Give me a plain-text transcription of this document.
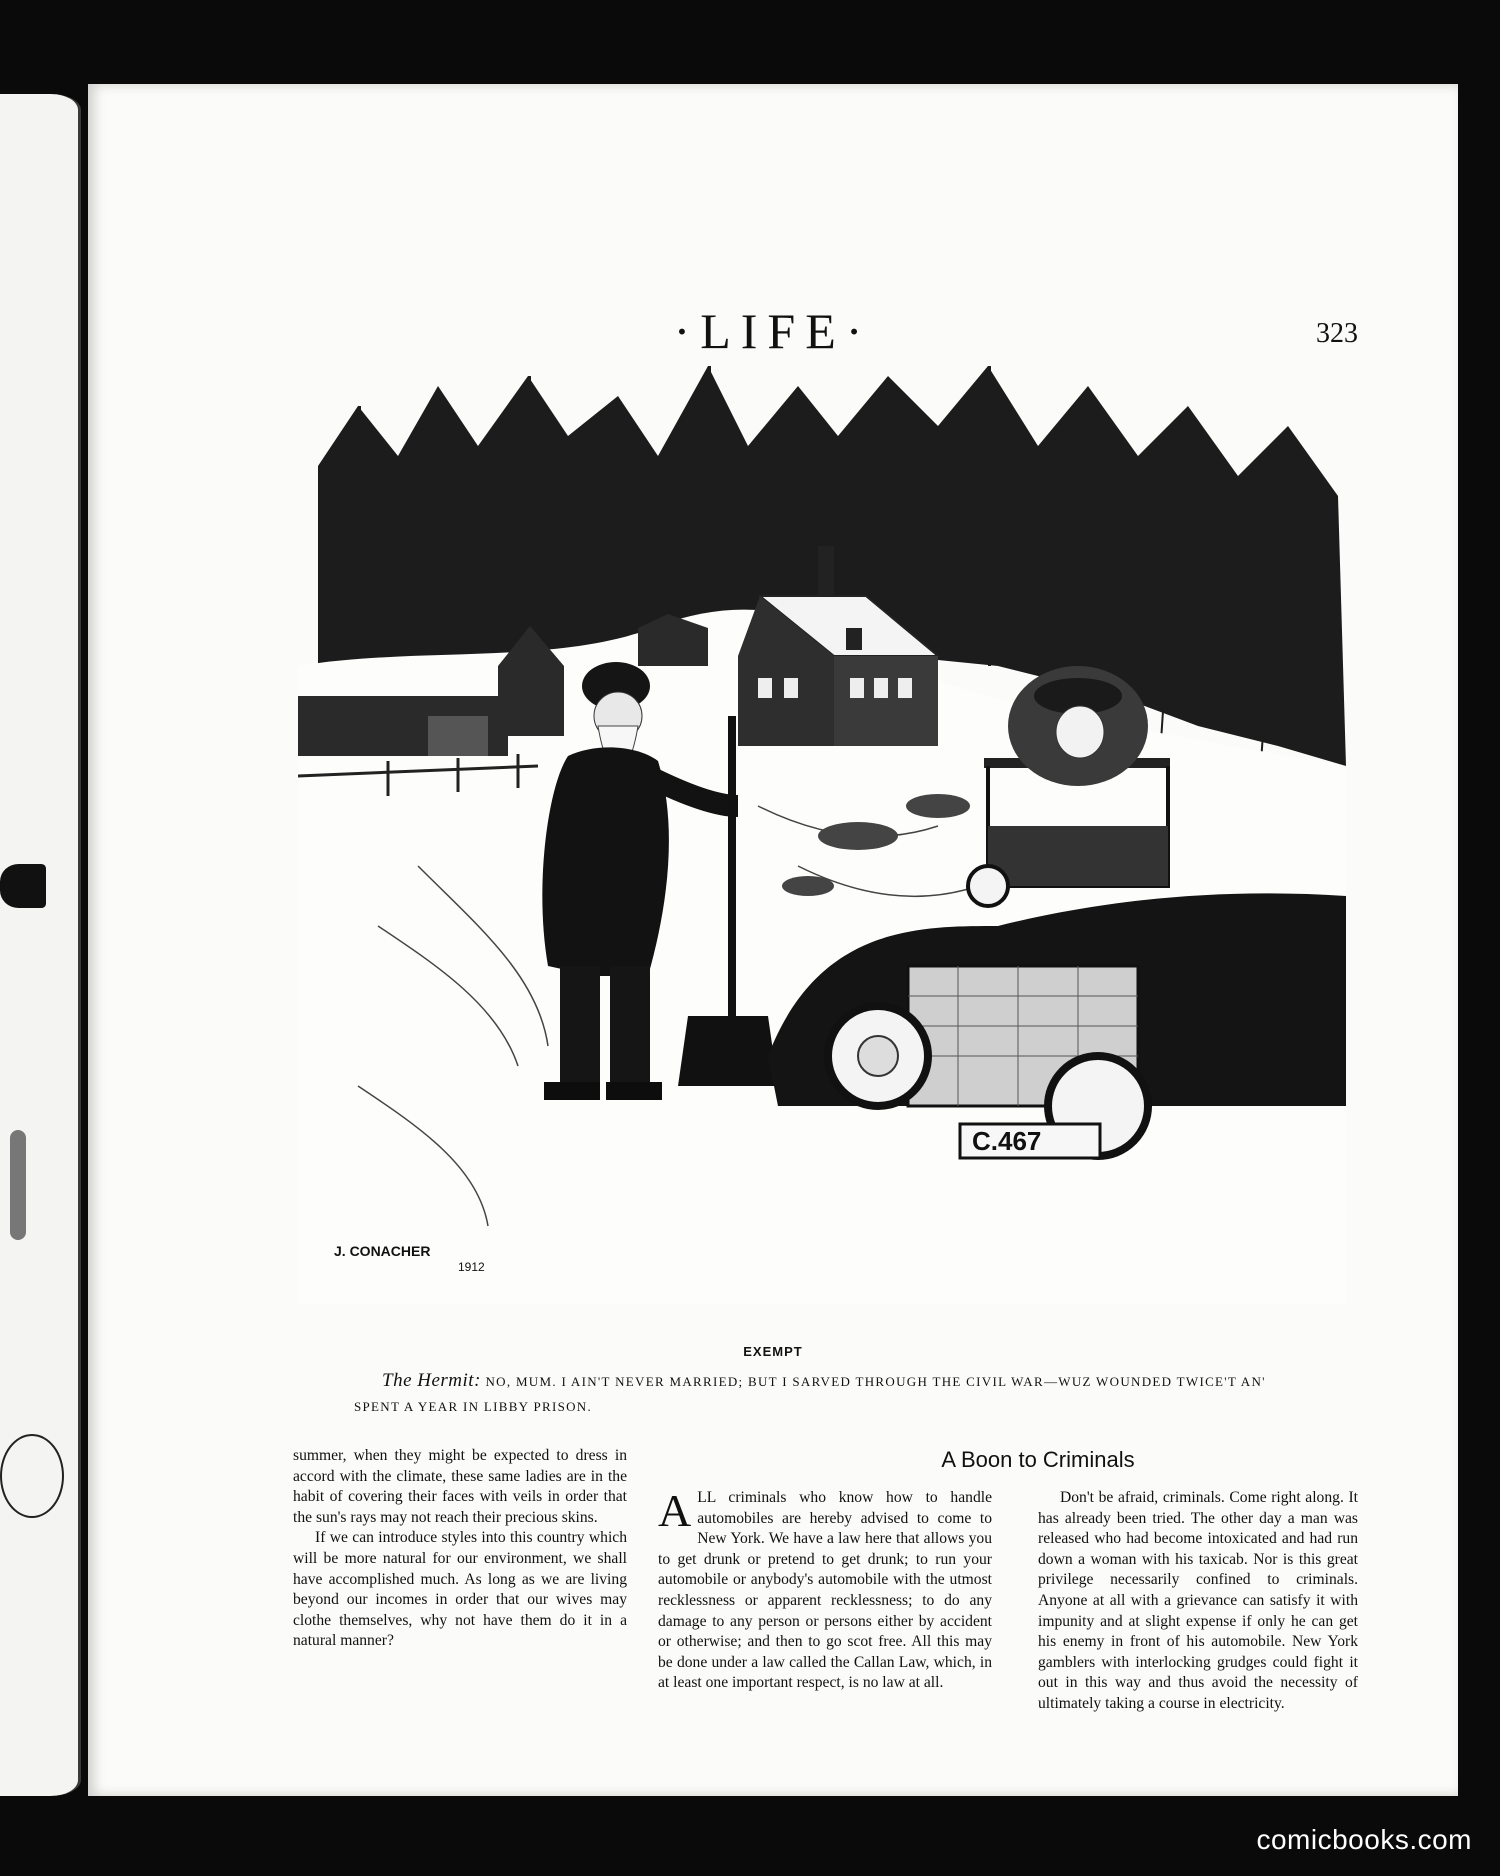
·LIFE·	323
C.467
J. CONACHER
1912
EXEMPT
The Hermit: NO, MUM. I AIN'T NEVER MARRIED; BUT I SARVED THROUGH THE CIVIL WAR—WUZ WOUNDED TWICE'T AN' SPENT A YEAR IN LIBBY PRISON.

summer, when they might be expected to dress in accord with the climate, these same ladies are in the habit of covering their faces with veils in order that the sun's rays may not reach their precious skins.

If we can introduce styles into this country which will be more natural for our environment, we shall have accomplished much. As long as we are living beyond our incomes in order that our wives may clothe themselves, why not have them do it in a natural manner?

A Boon to Criminals

ALL criminals who know how to handle automobiles are hereby advised to come to New York. We have a law here that allows you to get drunk or pretend to get drunk; to run your automobile or anybody's automobile with the utmost recklessness or apparent recklessness; to do any damage to any person or persons either by accident or otherwise; and then to go scot free. All this may be done under a law called the Callan Law, which, in at least one important respect, is no law at all.

Don't be afraid, criminals. Come right along. It has already been tried. The other day a man was released who had become intoxicated and had run down a woman with his taxicab. Nor is this great privilege necessarily confined to criminals. Anyone at all with a grievance can satisfy it with impunity and at slight expense if only he can get his enemy in front of his automobile. New York gamblers with interlocking grudges could fight it out in this way and thus avoid the necessity of ultimately taking a course in electricity.

comicbooks.com
